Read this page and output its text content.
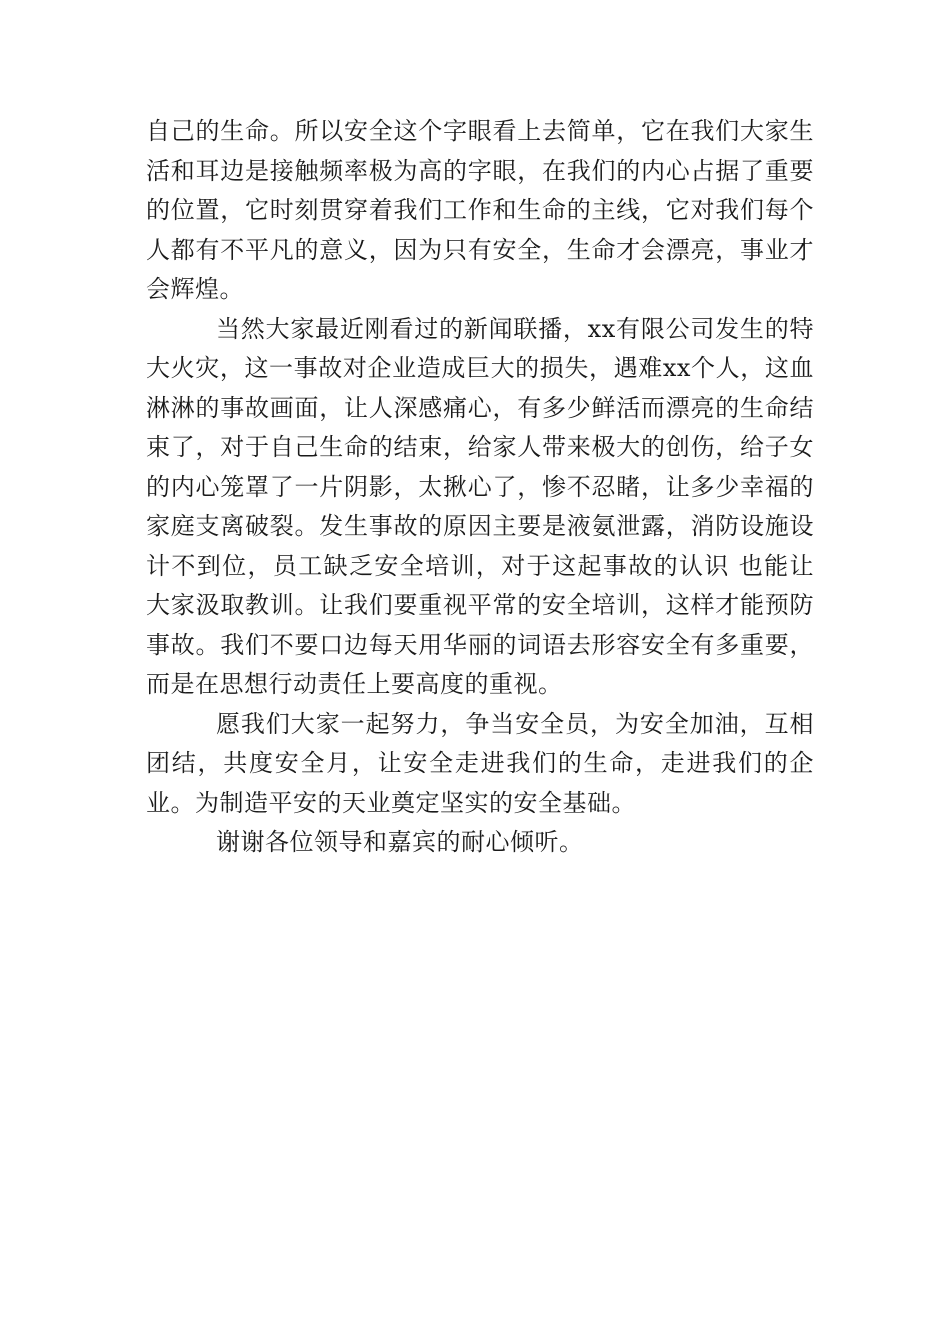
自己的生命。所以安全这个字眼看上去简单，它在我们大家生活和耳边是接触频率极为高的字眼，在我们的内心占据了重要的位置，它时刻贯穿着我们工作和生命的主线，它对我们每个人都有不平凡的意义，因为只有安全，生命才会漂亮，事业才会辉煌。

当然大家最近刚看过的新闻联播，xx有限公司发生的特大火灾，这一事故对企业造成巨大的损失，遇难xx个人，这血淋淋的事故画面，让人深感痛心，有多少鲜活而漂亮的生命结束了，对于自己生命的结束，给家人带来极大的创伤，给子女的内心笼罩了一片阴影，太揪心了，惨不忍睹，让多少幸福的家庭支离破裂。发生事故的原因主要是液氨泄露，消防设施设计不到位，员工缺乏安全培训，对于这起事故的认识 也能让大家汲取教训。让我们要重视平常的安全培训，这样才能预防事故。我们不要口边每天用华丽的词语去形容安全有多重要，而是在思想行动责任上要高度的重视。

愿我们大家一起努力，争当安全员，为安全加油，互相团结，共度安全月，让安全走进我们的生命，走进我们的企业。为制造平安的天业奠定坚实的安全基础。

谢谢各位领导和嘉宾的耐心倾听。
